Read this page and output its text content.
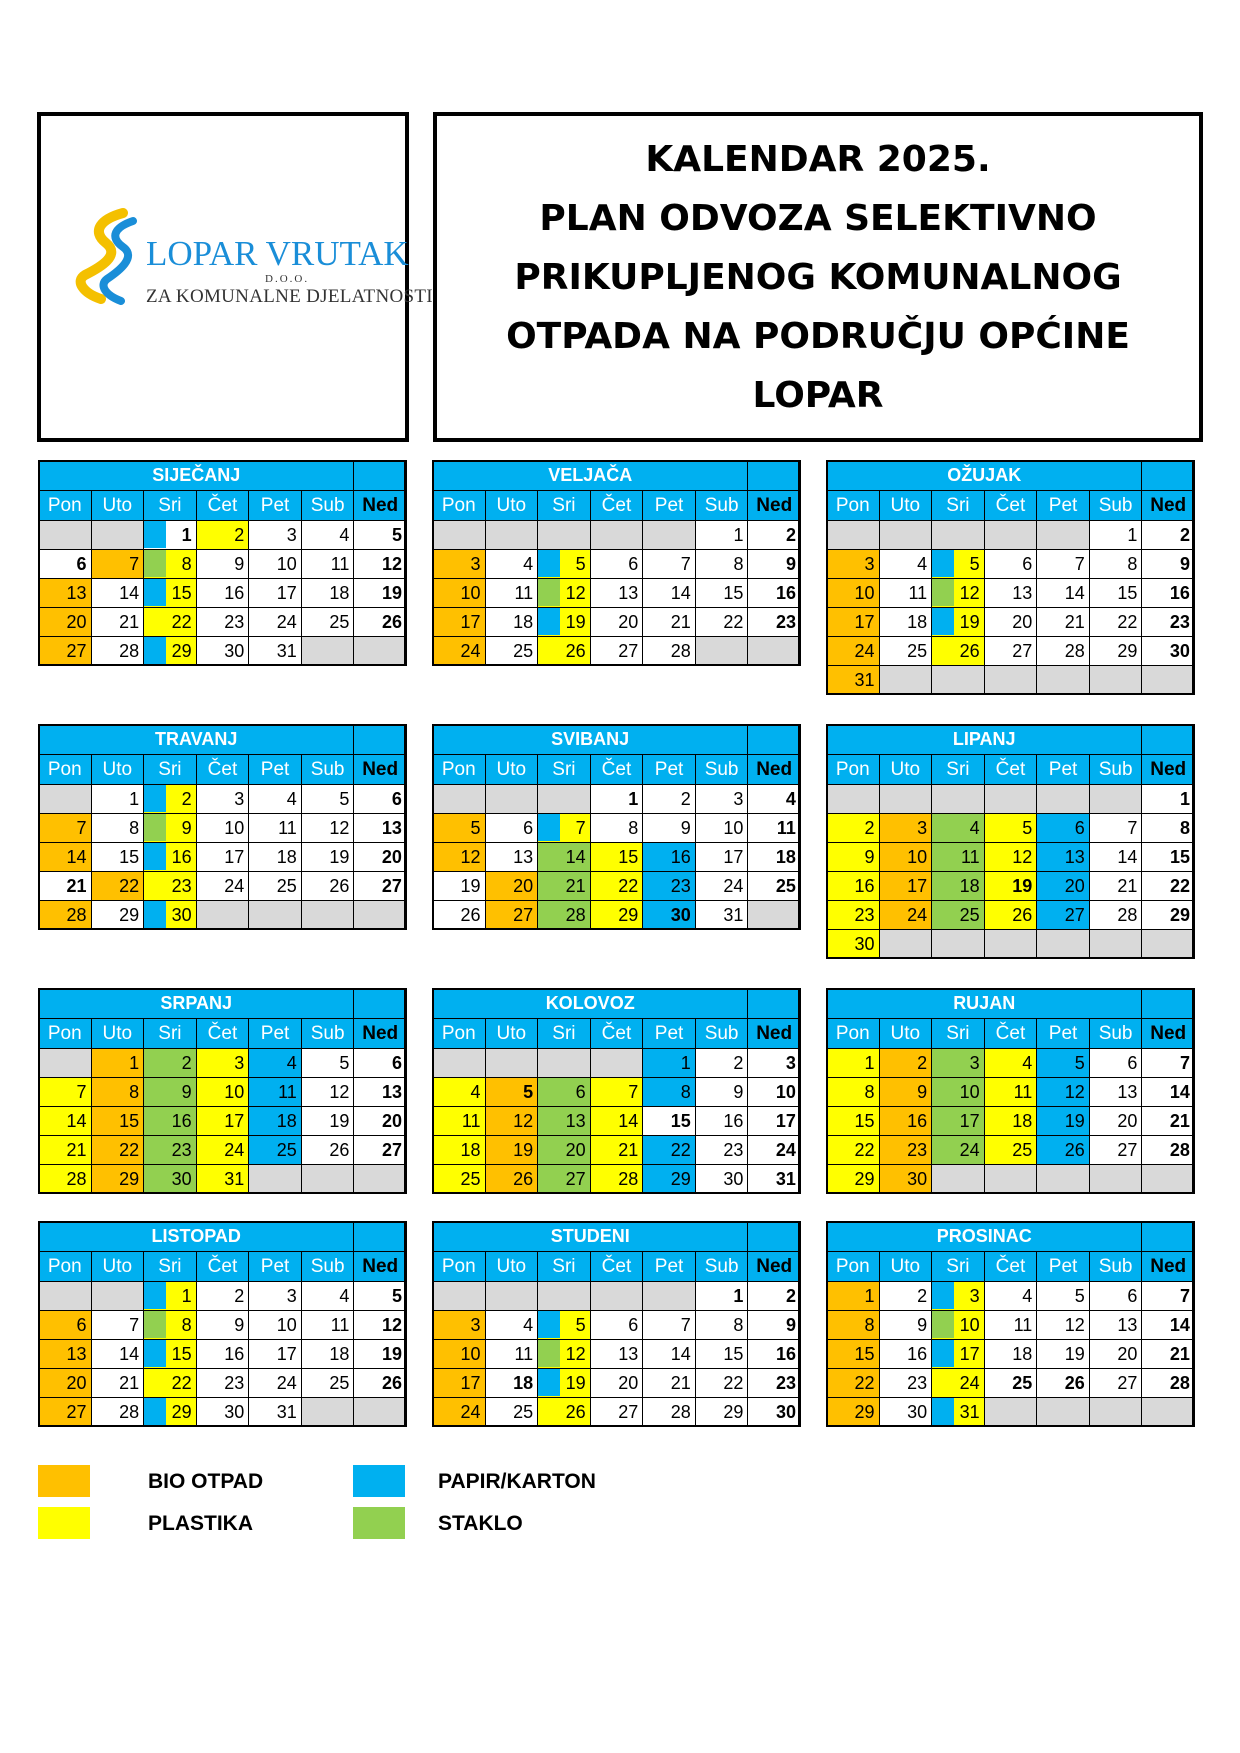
LOPAR VRUTAK
D.O.O.
ZA KOMUNALNE DJELATNOSTI
KALENDAR 2025.
PLAN ODVOZA SELEKTIVNO
PRIKUPLJENOG KOMUNALNOG
OTPADA NA PODRUČJU OPĆINE
LOPAR
SIJEČANJ						
Pon	Uto	Sri	Čet	Pet	Sub	Ned
		1	2	3	4	5
6	7	8	9	10	11	12
13	14	15	16	17	18	19
20	21	22	23	24	25	26
27	28	29	30	31		
VELJAČA						
Pon	Uto	Sri	Čet	Pet	Sub	Ned
					1	2
3	4	5	6	7	8	9
10	11	12	13	14	15	16
17	18	19	20	21	22	23
24	25	26	27	28		
OŽUJAK						
Pon	Uto	Sri	Čet	Pet	Sub	Ned
					1	2
3	4	5	6	7	8	9
10	11	12	13	14	15	16
17	18	19	20	21	22	23
24	25	26	27	28	29	30
31						
TRAVANJ						
Pon	Uto	Sri	Čet	Pet	Sub	Ned
	1	2	3	4	5	6
7	8	9	10	11	12	13
14	15	16	17	18	19	20
21	22	23	24	25	26	27
28	29	30				
SVIBANJ						
Pon	Uto	Sri	Čet	Pet	Sub	Ned
			1	2	3	4
5	6	7	8	9	10	11
12	13	14	15	16	17	18
19	20	21	22	23	24	25
26	27	28	29	30	31	
LIPANJ						
Pon	Uto	Sri	Čet	Pet	Sub	Ned
						1
2	3	4	5	6	7	8
9	10	11	12	13	14	15
16	17	18	19	20	21	22
23	24	25	26	27	28	29
30						
SRPANJ						
Pon	Uto	Sri	Čet	Pet	Sub	Ned
	1	2	3	4	5	6
7	8	9	10	11	12	13
14	15	16	17	18	19	20
21	22	23	24	25	26	27
28	29	30	31			
KOLOVOZ						
Pon	Uto	Sri	Čet	Pet	Sub	Ned
				1	2	3
4	5	6	7	8	9	10
11	12	13	14	15	16	17
18	19	20	21	22	23	24
25	26	27	28	29	30	31
RUJAN						
Pon	Uto	Sri	Čet	Pet	Sub	Ned
1	2	3	4	5	6	7
8	9	10	11	12	13	14
15	16	17	18	19	20	21
22	23	24	25	26	27	28
29	30					
LISTOPAD						
Pon	Uto	Sri	Čet	Pet	Sub	Ned
		1	2	3	4	5
6	7	8	9	10	11	12
13	14	15	16	17	18	19
20	21	22	23	24	25	26
27	28	29	30	31		
STUDENI						
Pon	Uto	Sri	Čet	Pet	Sub	Ned
					1	2
3	4	5	6	7	8	9
10	11	12	13	14	15	16
17	18	19	20	21	22	23
24	25	26	27	28	29	30
PROSINAC						
Pon	Uto	Sri	Čet	Pet	Sub	Ned
1	2	3	4	5	6	7
8	9	10	11	12	13	14
15	16	17	18	19	20	21
22	23	24	25	26	27	28
29	30	31				
BIO OTPAD	PAPIR/KARTON
PLASTIKA	STAKLO
